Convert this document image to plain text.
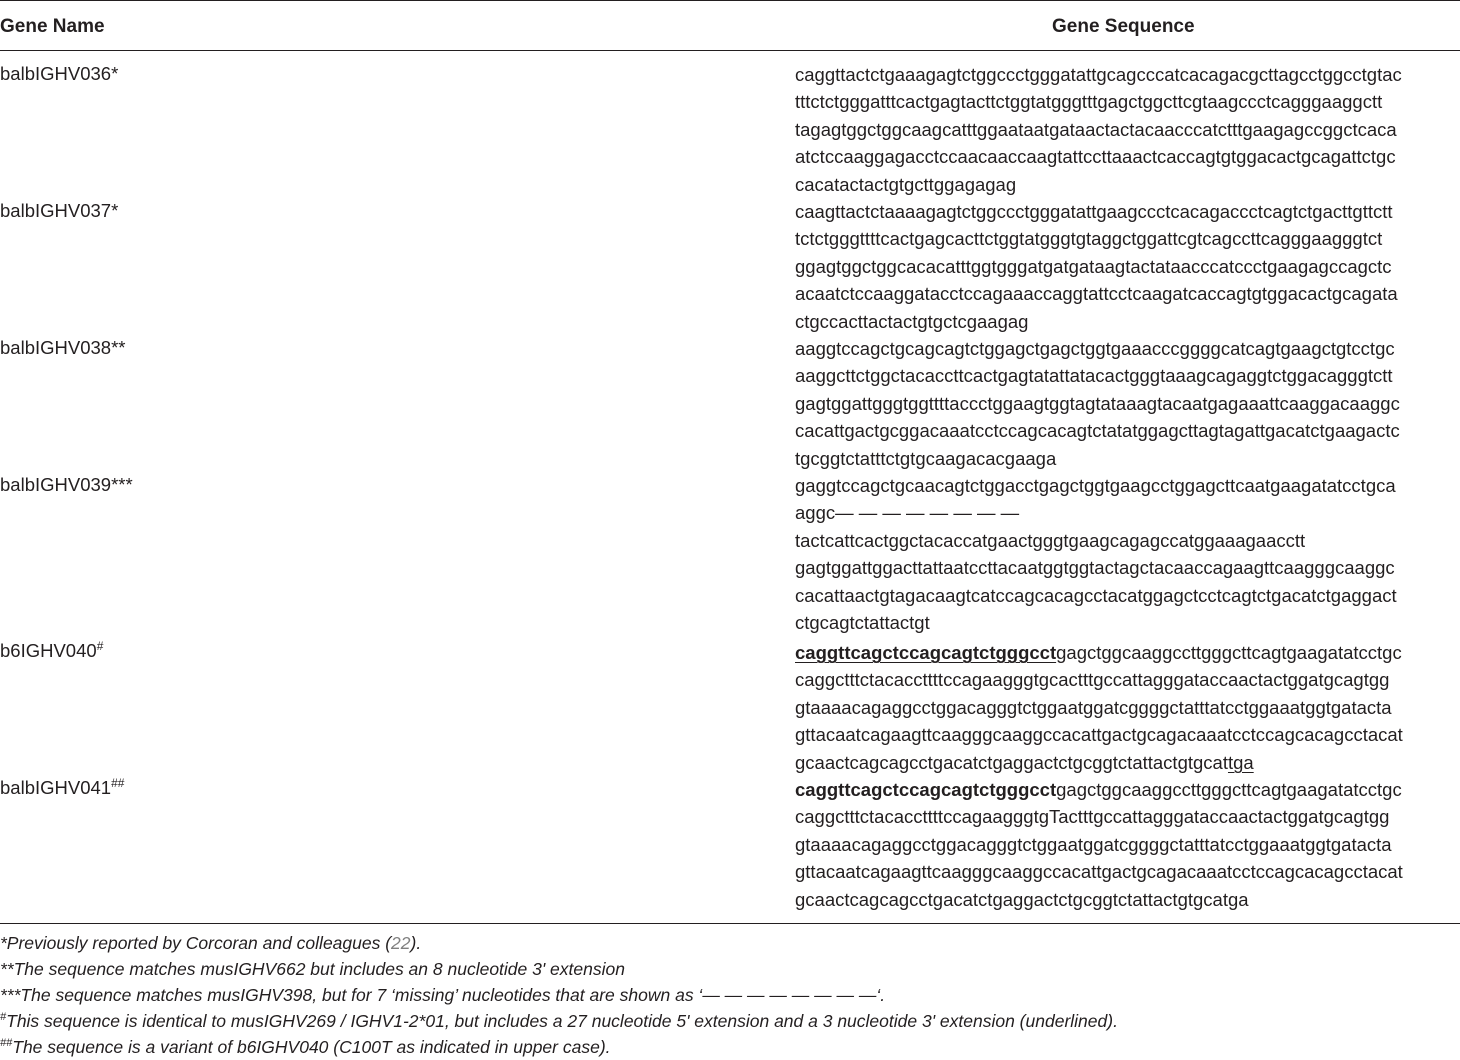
Gene Name	Gene Sequence
balbIGHV036*	caggttactctgaaagagtctggccctgggatattgcagcccatcacagacgcttagcctggcctgtac
tttctctgggatttcactgagtacttctggtatgggtttgagctggcttcgtaagccctcagggaaggctt
tagagtggctggcaagcatttggaataatgataactactacaacccatctttgaagagccggctcaca
atctccaaggagacctccaacaaccaagtattccttaaactcaccagtgtggacactgcagattctgc
cacatactactgtgcttggagagag
balbIGHV037*	caagttactctaaaagagtctggccctgggatattgaagccctcacagaccctcagtctgacttgttctt
tctctgggttttcactgagcacttctggtatgggtgtaggctggattcgtcagccttcagggaagggtct
ggagtggctggcacacatttggtgggatgatgataagtactataacccatccctgaagagccagctc
acaatctccaaggatacctccagaaaccaggtattcctcaagatcaccagtgtggacactgcagata
ctgccacttactactgtgctcgaagag
balbIGHV038**	aaggtccagctgcagcagtctggagctgagctggtgaaacccggggcatcagtgaagctgtcctgc
aaggcttctggctacaccttcactgagtatattatacactgggtaaagcagaggtctggacagggtctt
gagtggattgggtggttttaccctggaagtggtagtataaagtacaatgagaaattcaaggacaaggc
cacattgactgcggacaaatcctccagcacagtctatatggagcttagtagattgacatctgaagactc
tgcggtctatttctgtgcaagacacgaaga
balbIGHV039***	gaggtccagctgcaacagtctggacctgagctggtgaagcctggagcttcaatgaagatatcctgca
aggc— — — — — — — —
tactcattcactggctacaccatgaactgggtgaagcagagccatggaaagaacctt
gagtggattggacttattaatccttacaatggtggtactagctacaaccagaagttcaagggcaaggc
cacattaactgtagacaagtcatccagcacagcctacatggagctcctcagtctgacatctgaggact
ctgcagtctattactgt
b6IGHV040#	caggttcagctccagcagtctgggcctgagctggcaaggccttgggcttcagtgaagatatcctgc
caggctttctacaccttttccagaagggtgcactttgccattagggataccaactactggatgcagtgg
gtaaaacagaggcctggacagggtctggaatggatcggggctatttatcctggaaatggtgatacta
gttacaatcagaagttcaagggcaaggccacattgactgcagacaaatcctccagcacagcctacat
gcaactcagcagcctgacatctgaggactctgcggtctattactgtgcattga
balbIGHV041##	caggttcagctccagcagtctgggcctgagctggcaaggccttgggcttcagtgaagatatcctgc
caggctttctacaccttttccagaagggtgTactttgccattagggataccaactactggatgcagtgg
gtaaaacagaggcctggacagggtctggaatggatcggggctatttatcctggaaatggtgatacta
gttacaatcagaagttcaagggcaaggccacattgactgcagacaaatcctccagcacagcctacat
gcaactcagcagcctgacatctgaggactctgcggtctattactgtgcatga
*Previously reported by Corcoran and colleagues (22).
**The sequence matches musIGHV662 but includes an 8 nucleotide 3' extension
***The sequence matches musIGHV398, but for 7 ‘missing’ nucleotides that are shown as ‘— — — — — — — —‘.
#This sequence is identical to musIGHV269 / IGHV1-2*01, but includes a 27 nucleotide 5' extension and a 3 nucleotide 3' extension (underlined).
##The sequence is a variant of b6IGHV040 (C100T as indicated in upper case).
